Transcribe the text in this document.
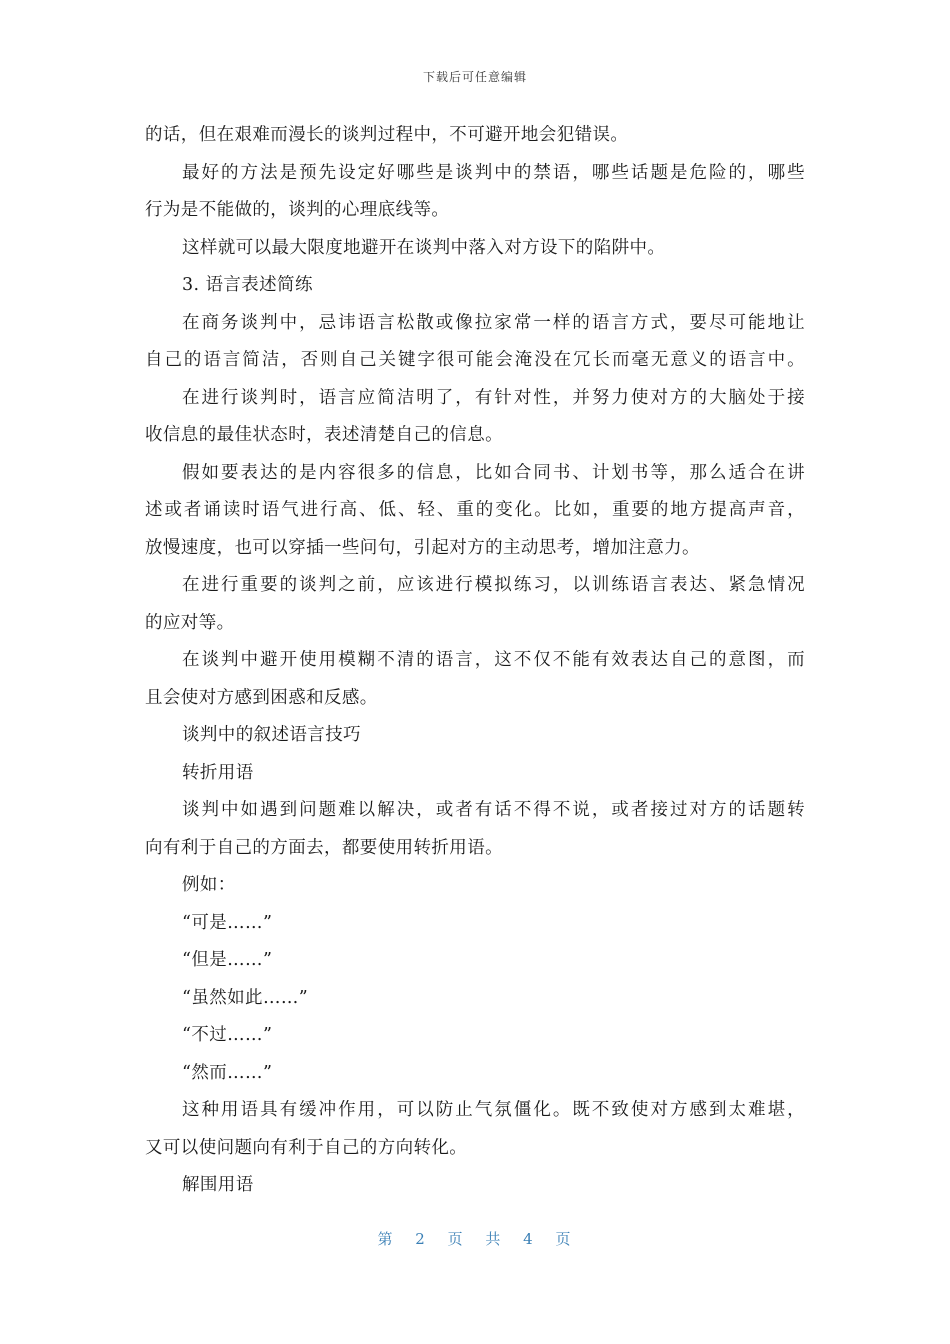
下载后可任意编辑
的话，但在艰难而漫长的谈判过程中，不可避开地会犯错误。
最好的方法是预先设定好哪些是谈判中的禁语，哪些话题是危险的，哪些
行为是不能做的，谈判的心理底线等。
这样就可以最大限度地避开在谈判中落入对方设下的陷阱中。
3. 语言表述简练
在商务谈判中，忌讳语言松散或像拉家常一样的语言方式，要尽可能地让
自己的语言简洁，否则自己关键字很可能会淹没在冗长而毫无意义的语言中。
在进行谈判时，语言应简洁明了，有针对性，并努力使对方的大脑处于接
收信息的最佳状态时，表述清楚自己的信息。
假如要表达的是内容很多的信息，比如合同书、计划书等，那么适合在讲
述或者诵读时语气进行高、低、轻、重的变化。比如，重要的地方提高声音，
放慢速度，也可以穿插一些问句，引起对方的主动思考，增加注意力。
在进行重要的谈判之前，应该进行模拟练习，以训练语言表达、紧急情况
的应对等。
在谈判中避开使用模糊不清的语言，这不仅不能有效表达自己的意图，而
且会使对方感到困惑和反感。
谈判中的叙述语言技巧
转折用语
谈判中如遇到问题难以解决，或者有话不得不说，或者接过对方的话题转
向有利于自己的方面去，都要使用转折用语。
例如：
“可是……”
“但是……”
“虽然如此……”
“不过……”
“然而……”
这种用语具有缓冲作用，可以防止气氛僵化。既不致使对方感到太难堪，
又可以使问题向有利于自己的方向转化。
解围用语
第 2 页 共 4 页
